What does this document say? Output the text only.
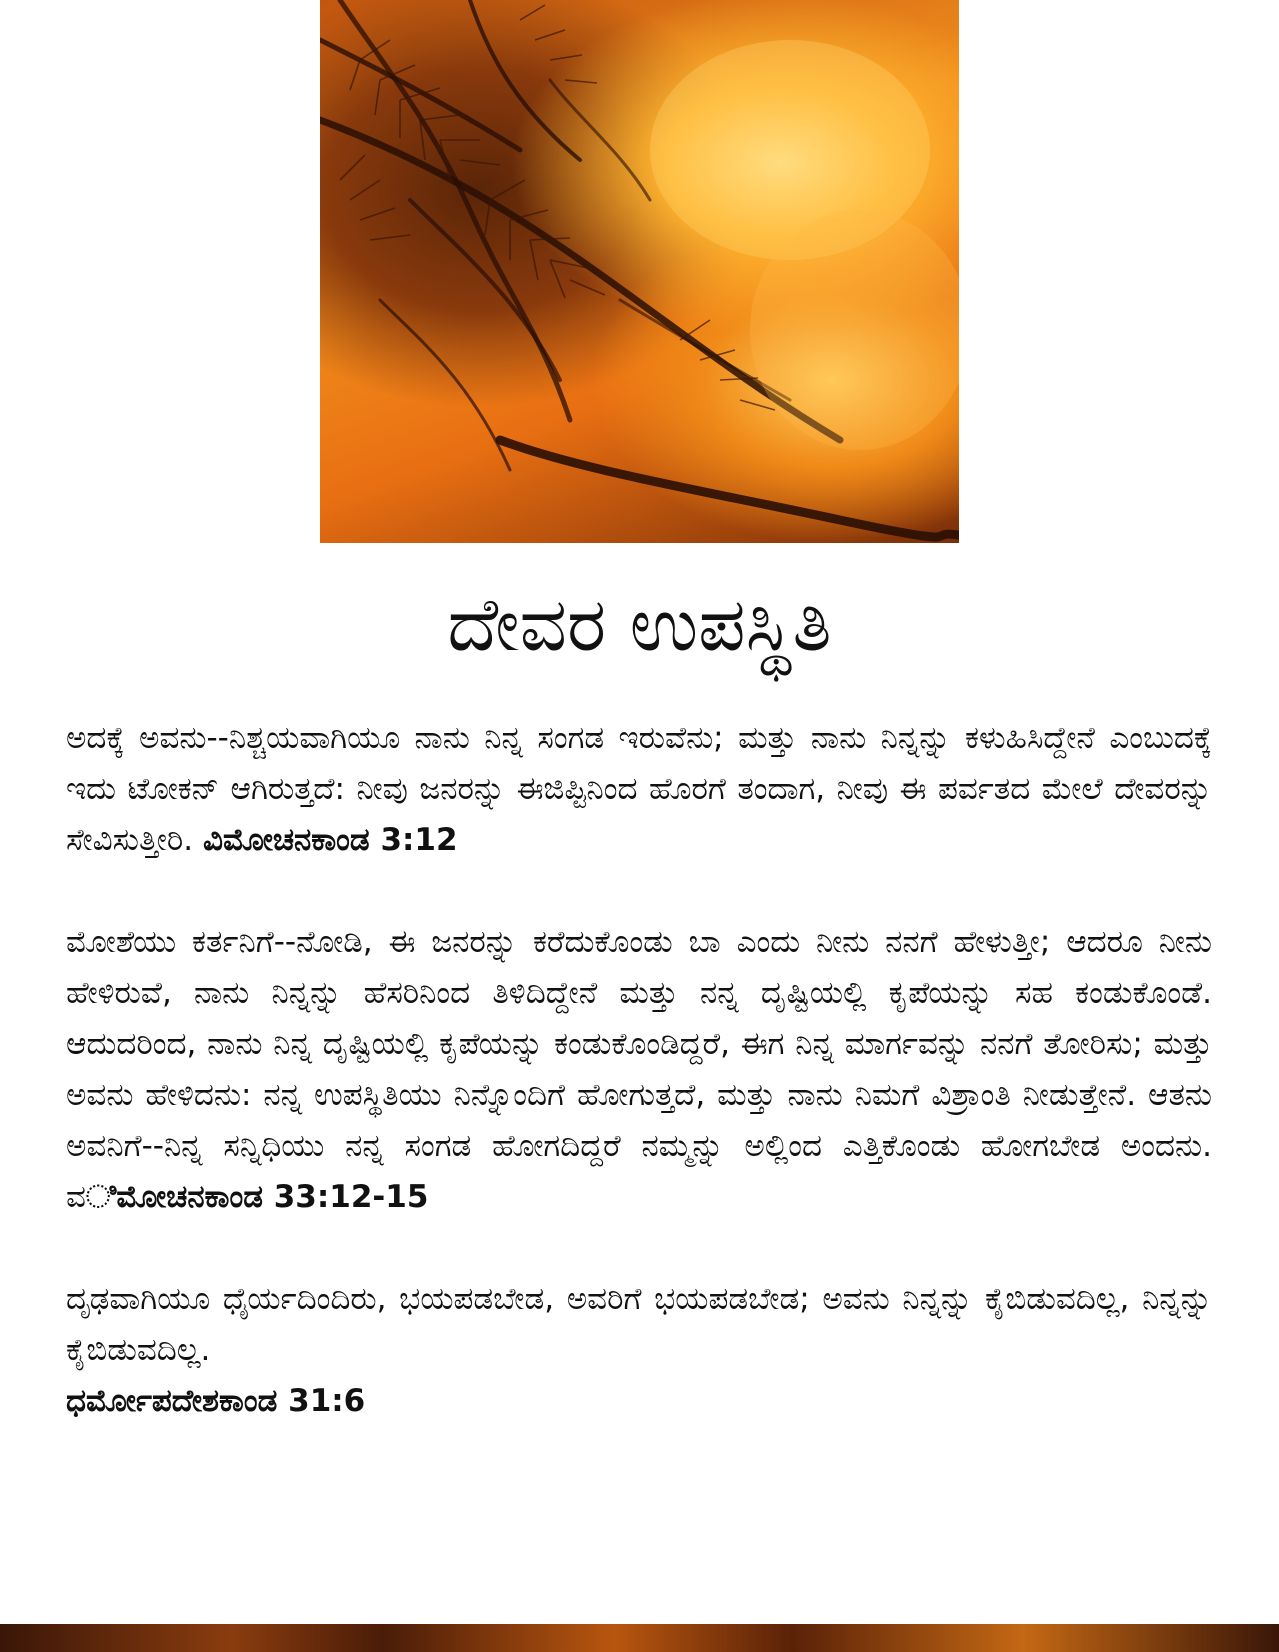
ದೇವರ ಉಪಸ್ಥಿತಿ

ಅದಕ್ಕೆ ಅವನು--ನಿಶ್ಚಯವಾಗಿಯೂ ನಾನು ನಿನ್ನ ಸಂಗಡ ಇರುವೆನು; ಮತ್ತು ನಾನು ನಿನ್ನನ್ನು ಕಳುಹಿಸಿದ್ದೇನೆ ಎಂಬುದಕ್ಕೆ ಇದು ಟೋಕನ್ ಆಗಿರುತ್ತದೆ: ನೀವು ಜನರನ್ನು ಈಜಿಪ್ಟಿನಿಂದ ಹೊರಗೆ ತಂದಾಗ, ನೀವು ಈ ಪರ್ವತದ ಮೇಲೆ ದೇವರನ್ನು ಸೇವಿಸುತ್ತೀರಿ. ವಿಮೋಚನಕಾಂಡ 3:12

ಮೋಶೆಯು ಕರ್ತನಿಗೆ--ನೋಡಿ, ಈ ಜನರನ್ನು ಕರೆದುಕೊಂಡು ಬಾ ಎಂದು ನೀನು ನನಗೆ ಹೇಳುತ್ತೀ; ಆದರೂ ನೀನು ಹೇಳಿರುವೆ, ನಾನು ನಿನ್ನನ್ನು ಹೆಸರಿನಿಂದ ತಿಳಿದಿದ್ದೇನೆ ಮತ್ತು ನನ್ನ ದೃಷ್ಟಿಯಲ್ಲಿ ಕೃಪೆಯನ್ನು ಸಹ ಕಂಡುಕೊಂಡೆ. ಆದುದರಿಂದ, ನಾನು ನಿನ್ನ ದೃಷ್ಟಿಯಲ್ಲಿ ಕೃಪೆಯನ್ನು ಕಂಡುಕೊಂಡಿದ್ದರೆ, ಈಗ ನಿನ್ನ ಮಾರ್ಗವನ್ನು ನನಗೆ ತೋರಿಸು; ಮತ್ತು ಅವನು ಹೇಳಿದನು: ನನ್ನ ಉಪಸ್ಥಿತಿಯು ನಿನ್ನೊಂದಿಗೆ ಹೋಗುತ್ತದೆ, ಮತ್ತು ನಾನು ನಿಮಗೆ ವಿಶ್ರಾಂತಿ ನೀಡುತ್ತೇನೆ. ಆತನು ಅವನಿಗೆ--ನಿನ್ನ ಸನ್ನಿಧಿಯು ನನ್ನ ಸಂಗಡ ಹೋಗದಿದ್ದರೆ ನಮ್ಮನ್ನು ಅಲ್ಲಿಂದ ಎತ್ತಿಕೊಂಡು ಹೋಗಬೇಡ ಅಂದನು. ವಿಮೋಚನಕಾಂಡ 33:12-15

ದೃಢವಾಗಿಯೂ ಧೈರ್ಯದಿಂದಿರು, ಭಯಪಡಬೇಡ, ಅವರಿಗೆ ಭಯಪಡಬೇಡ; ಅವನು ನಿನ್ನನ್ನು ಕೈಬಿಡುವದಿಲ್ಲ, ನಿನ್ನನ್ನು ಕೈಬಿಡುವದಿಲ್ಲ.
ಧರ್ಮೋಪದೇಶಕಾಂಡ 31:6
